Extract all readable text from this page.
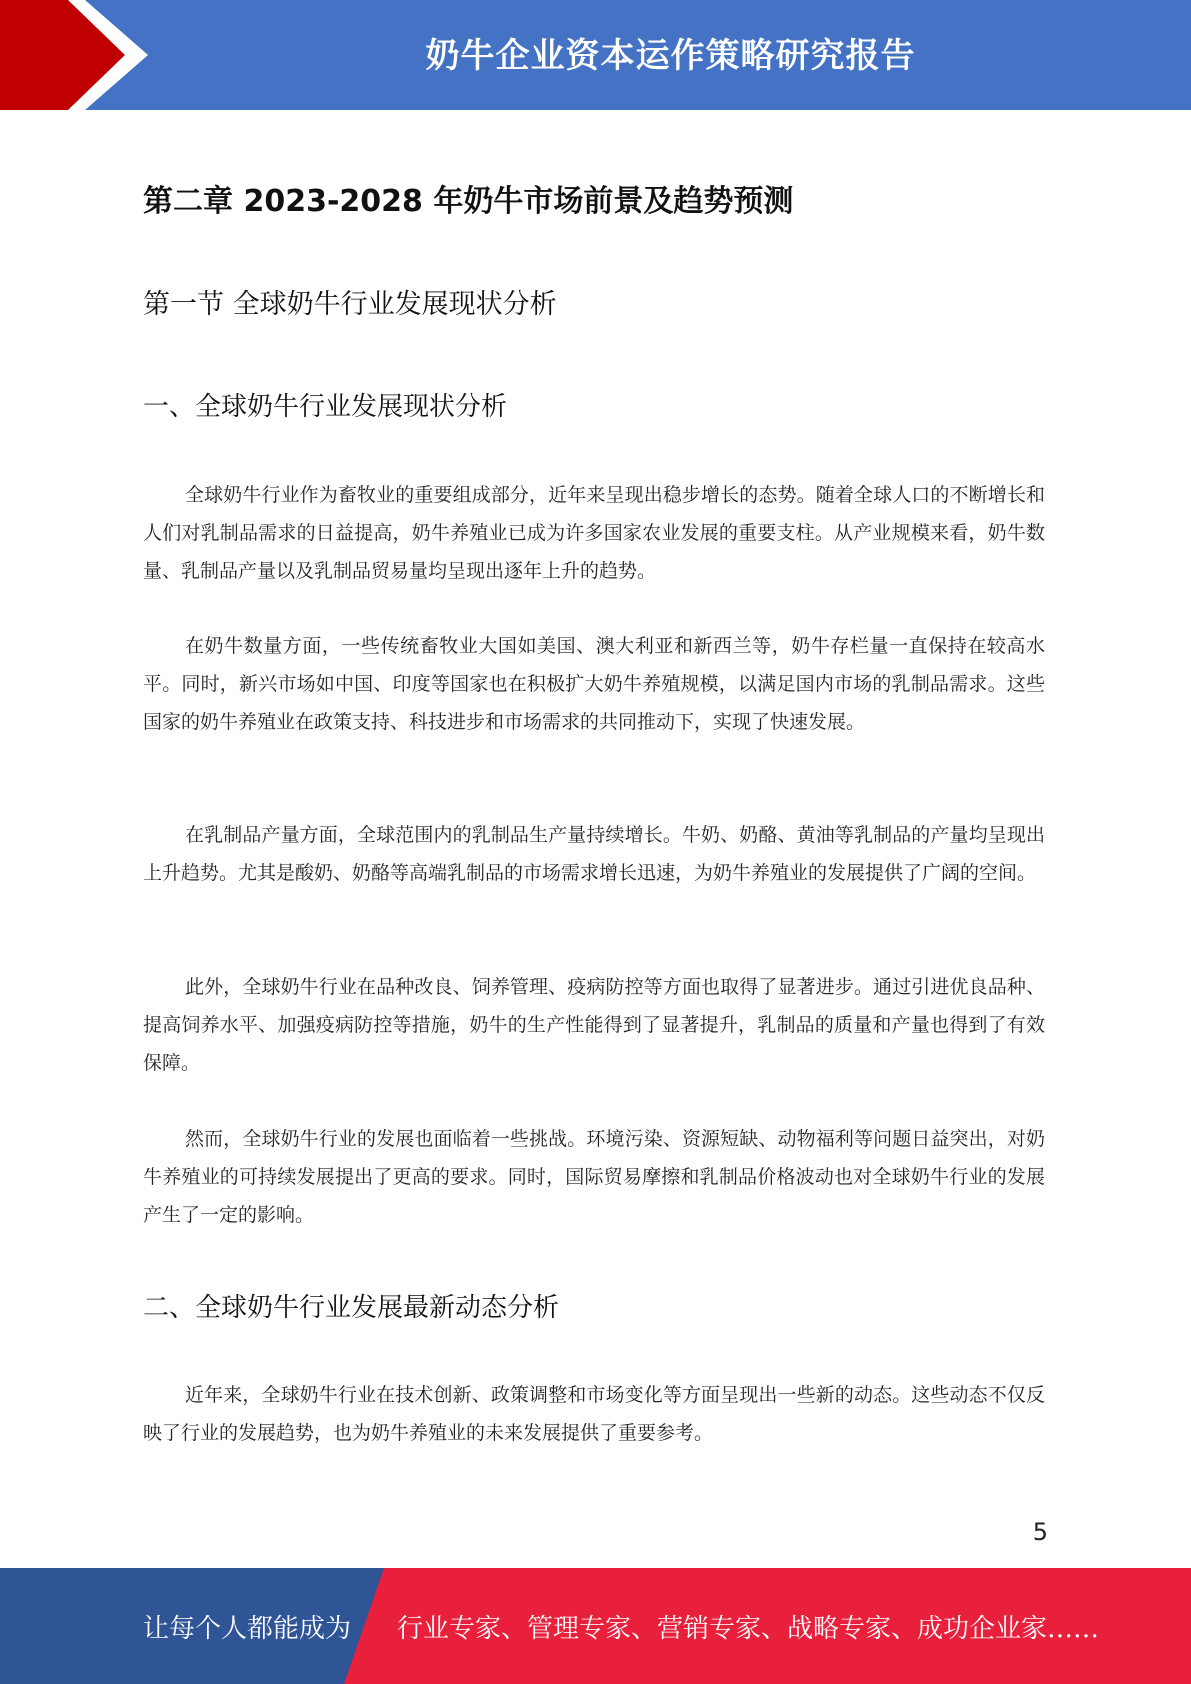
奶牛企业资本运作策略研究报告
第二章 2023-2028 年奶牛市场前景及趋势预测
第一节 全球奶牛行业发展现状分析
一、全球奶牛行业发展现状分析

全球奶牛行业作为畜牧业的重要组成部分，近年来呈现出稳步增长的态势。随着全球人口的不断增长和人们对乳制品需求的日益提高，奶牛养殖业已成为许多国家农业发展的重要支柱。从产业规模来看，奶牛数量、乳制品产量以及乳制品贸易量均呈现出逐年上升的趋势。

在奶牛数量方面，一些传统畜牧业大国如美国、澳大利亚和新西兰等，奶牛存栏量一直保持在较高水平。同时，新兴市场如中国、印度等国家也在积极扩大奶牛养殖规模，以满足国内市场的乳制品需求。这些国家的奶牛养殖业在政策支持、科技进步和市场需求的共同推动下，实现了快速发展。

在乳制品产量方面，全球范围内的乳制品生产量持续增长。牛奶、奶酪、黄油等乳制品的产量均呈现出上升趋势。尤其是酸奶、奶酪等高端乳制品的市场需求增长迅速，为奶牛养殖业的发展提供了广阔的空间。

此外，全球奶牛行业在品种改良、饲养管理、疫病防控等方面也取得了显著进步。通过引进优良品种、提高饲养水平、加强疫病防控等措施，奶牛的生产性能得到了显著提升，乳制品的质量和产量也得到了有效保障。

然而，全球奶牛行业的发展也面临着一些挑战。环境污染、资源短缺、动物福利等问题日益突出，对奶牛养殖业的可持续发展提出了更高的要求。同时，国际贸易摩擦和乳制品价格波动也对全球奶牛行业的发展产生了一定的影响。

二、全球奶牛行业发展最新动态分析

近年来，全球奶牛行业在技术创新、政策调整和市场变化等方面呈现出一些新的动态。这些动态不仅反映了行业的发展趋势，也为奶牛养殖业的未来发展提供了重要参考。

5
让每个人都能成为 行业专家、管理专家、营销专家、战略专家、成功企业家……
